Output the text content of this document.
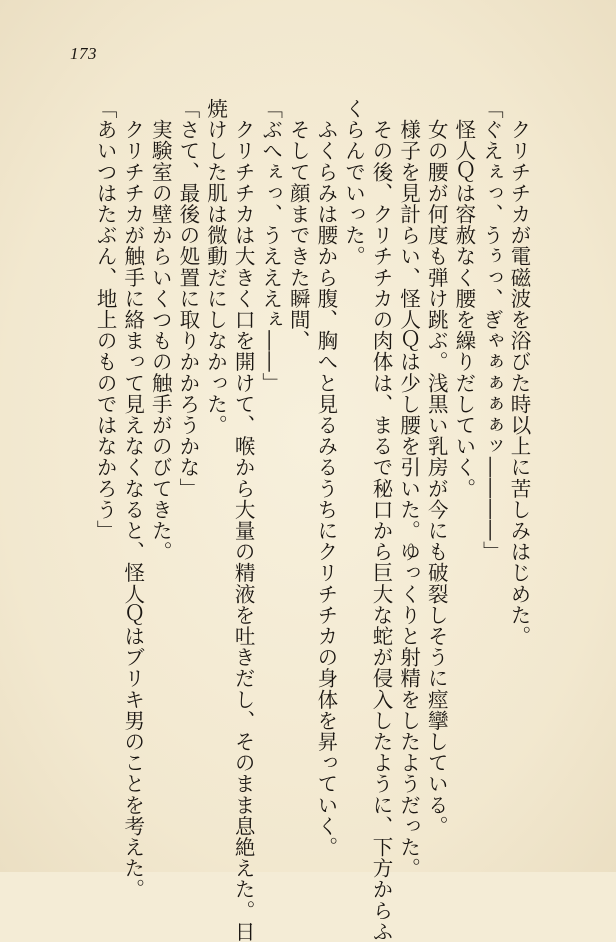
173
　クリチチカが電磁波を浴びた時以上に苦しみはじめた。
「ぐえぇっ、うぅっ、ぎゃぁぁぁぁッ――――」
　怪人Ｑは容赦なく腰を繰りだしていく。
　女の腰が何度も弾け跳ぶ。浅黒い乳房が今にも破裂しそうに痙攣している。
　様子を見計らい、怪人Ｑは少し腰を引いた。ゆっくりと射精をしたようだった。
　その後、クリチチカの肉体は、まるで秘口から巨大な蛇が侵入したように、下方からふ
くらんでいった。
　ふくらみは腰から腹、胸へと見るみるうちにクリチチカの身体を昇っていく。
　そして顔まできた瞬間、
「ぶへぇっ、うえええぇ――」
　クリチチカは大きく口を開けて、喉から大量の精液を吐きだし、そのまま息絶えた。日
焼けした肌は微動だにしなかった。
「さて、最後の処置に取りかかろうかな」
　実験室の壁からいくつもの触手がのびてきた。
　クリチチカが触手に絡まって見えなくなると、怪人Ｑはブリキ男のことを考えた。
「あいつはたぶん、地上のものではなかろう」
